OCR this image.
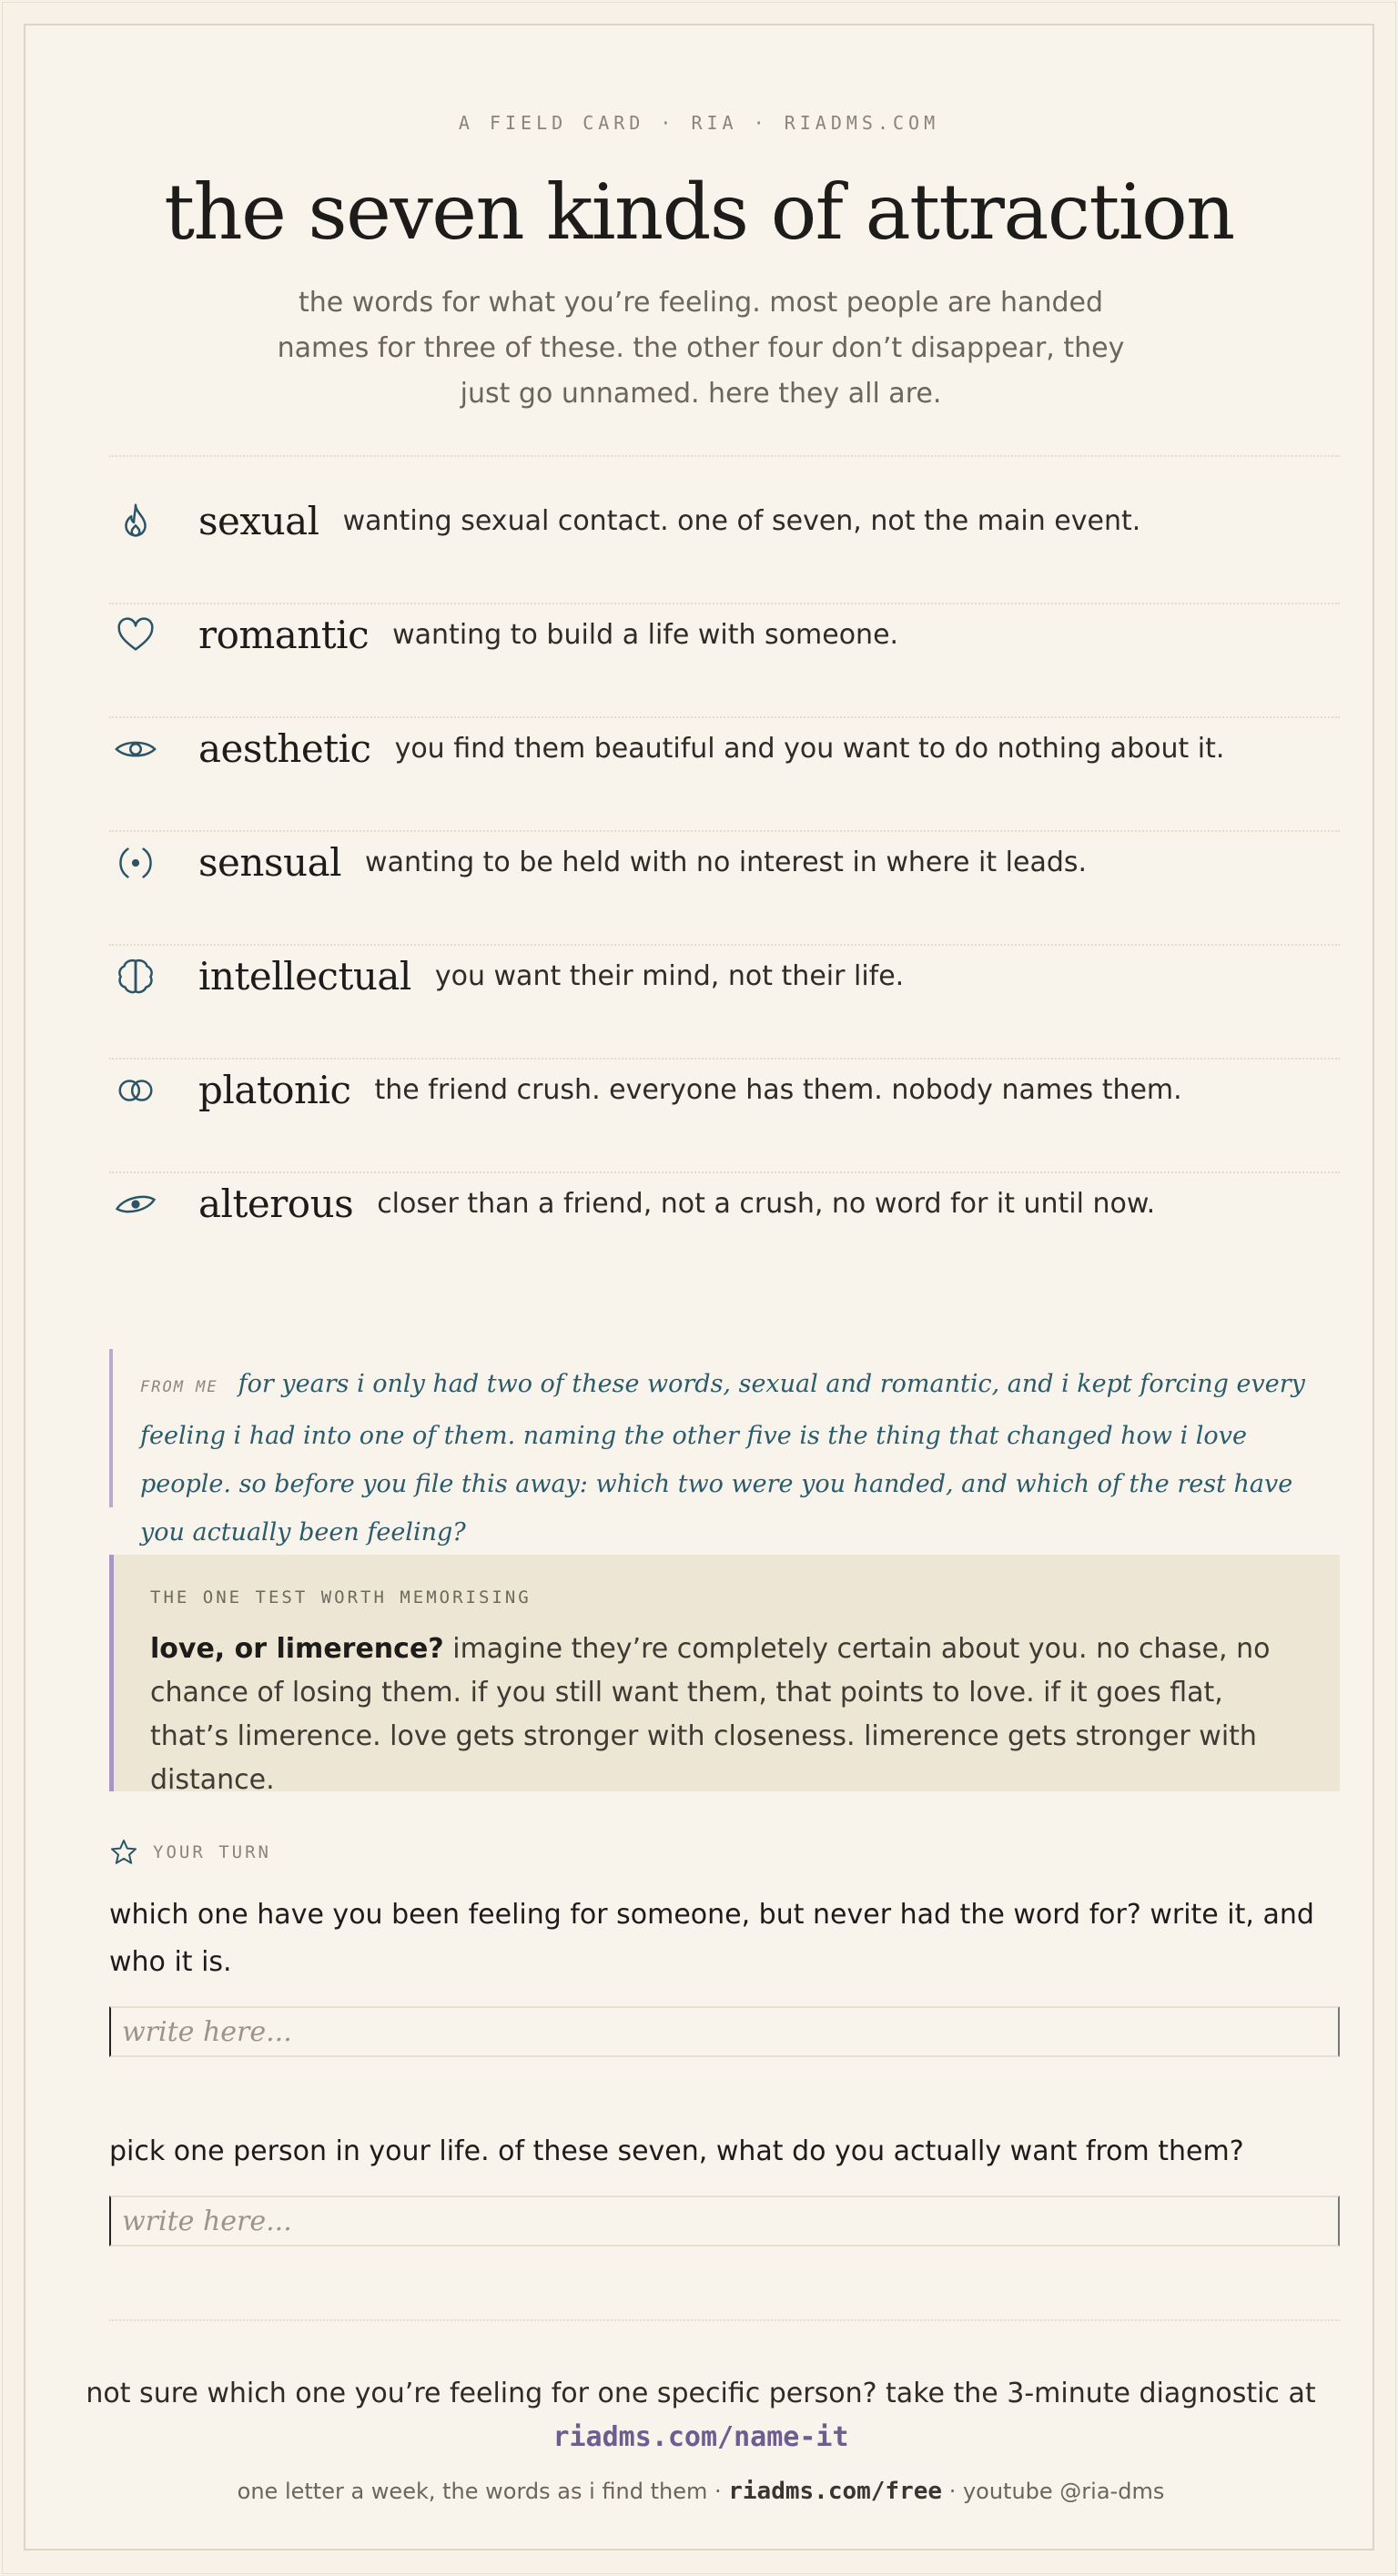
A FIELD CARD · RIA · RIADMS.COM
the seven kinds of attraction
the words for what you’re feeling. most people are handed names for three of these. the other four don’t disappear, they just go unnamed. here they all are.
sexual wanting sexual contact. one of seven, not the main event.
romantic wanting to build a life with someone.
aesthetic you find them beautiful and you want to do nothing about it.
sensual wanting to be held with no interest in where it leads.
intellectual you want their mind, not their life.
platonic the friend crush. everyone has them. nobody names them.
alterous closer than a friend, not a crush, no word for it until now.

FROM ME for years i only had two of these words, sexual and romantic, and i kept forcing every feeling i had into one of them. naming the other five is the thing that changed how i love people. so before you file this away: which two were you handed, and which of the rest have you actually been feeling?

THE ONE TEST WORTH MEMORISING

love, or limerence? imagine they’re completely certain about you. no chase, no chance of losing them. if you still want them, that points to love. if it goes flat, that’s limerence. love gets stronger with closeness. limerence gets stronger with distance.

YOUR TURN
which one have you been feeling for someone, but never had the word for? write it, and who it is.
write here...
pick one person in your life. of these seven, what do you actually want from them?
write here...
not sure which one you’re feeling for one specific person? take the 3-minute diagnostic at
riadms.com/name-it
one letter a week, the words as i find them · riadms.com/free · youtube @ria-dms
